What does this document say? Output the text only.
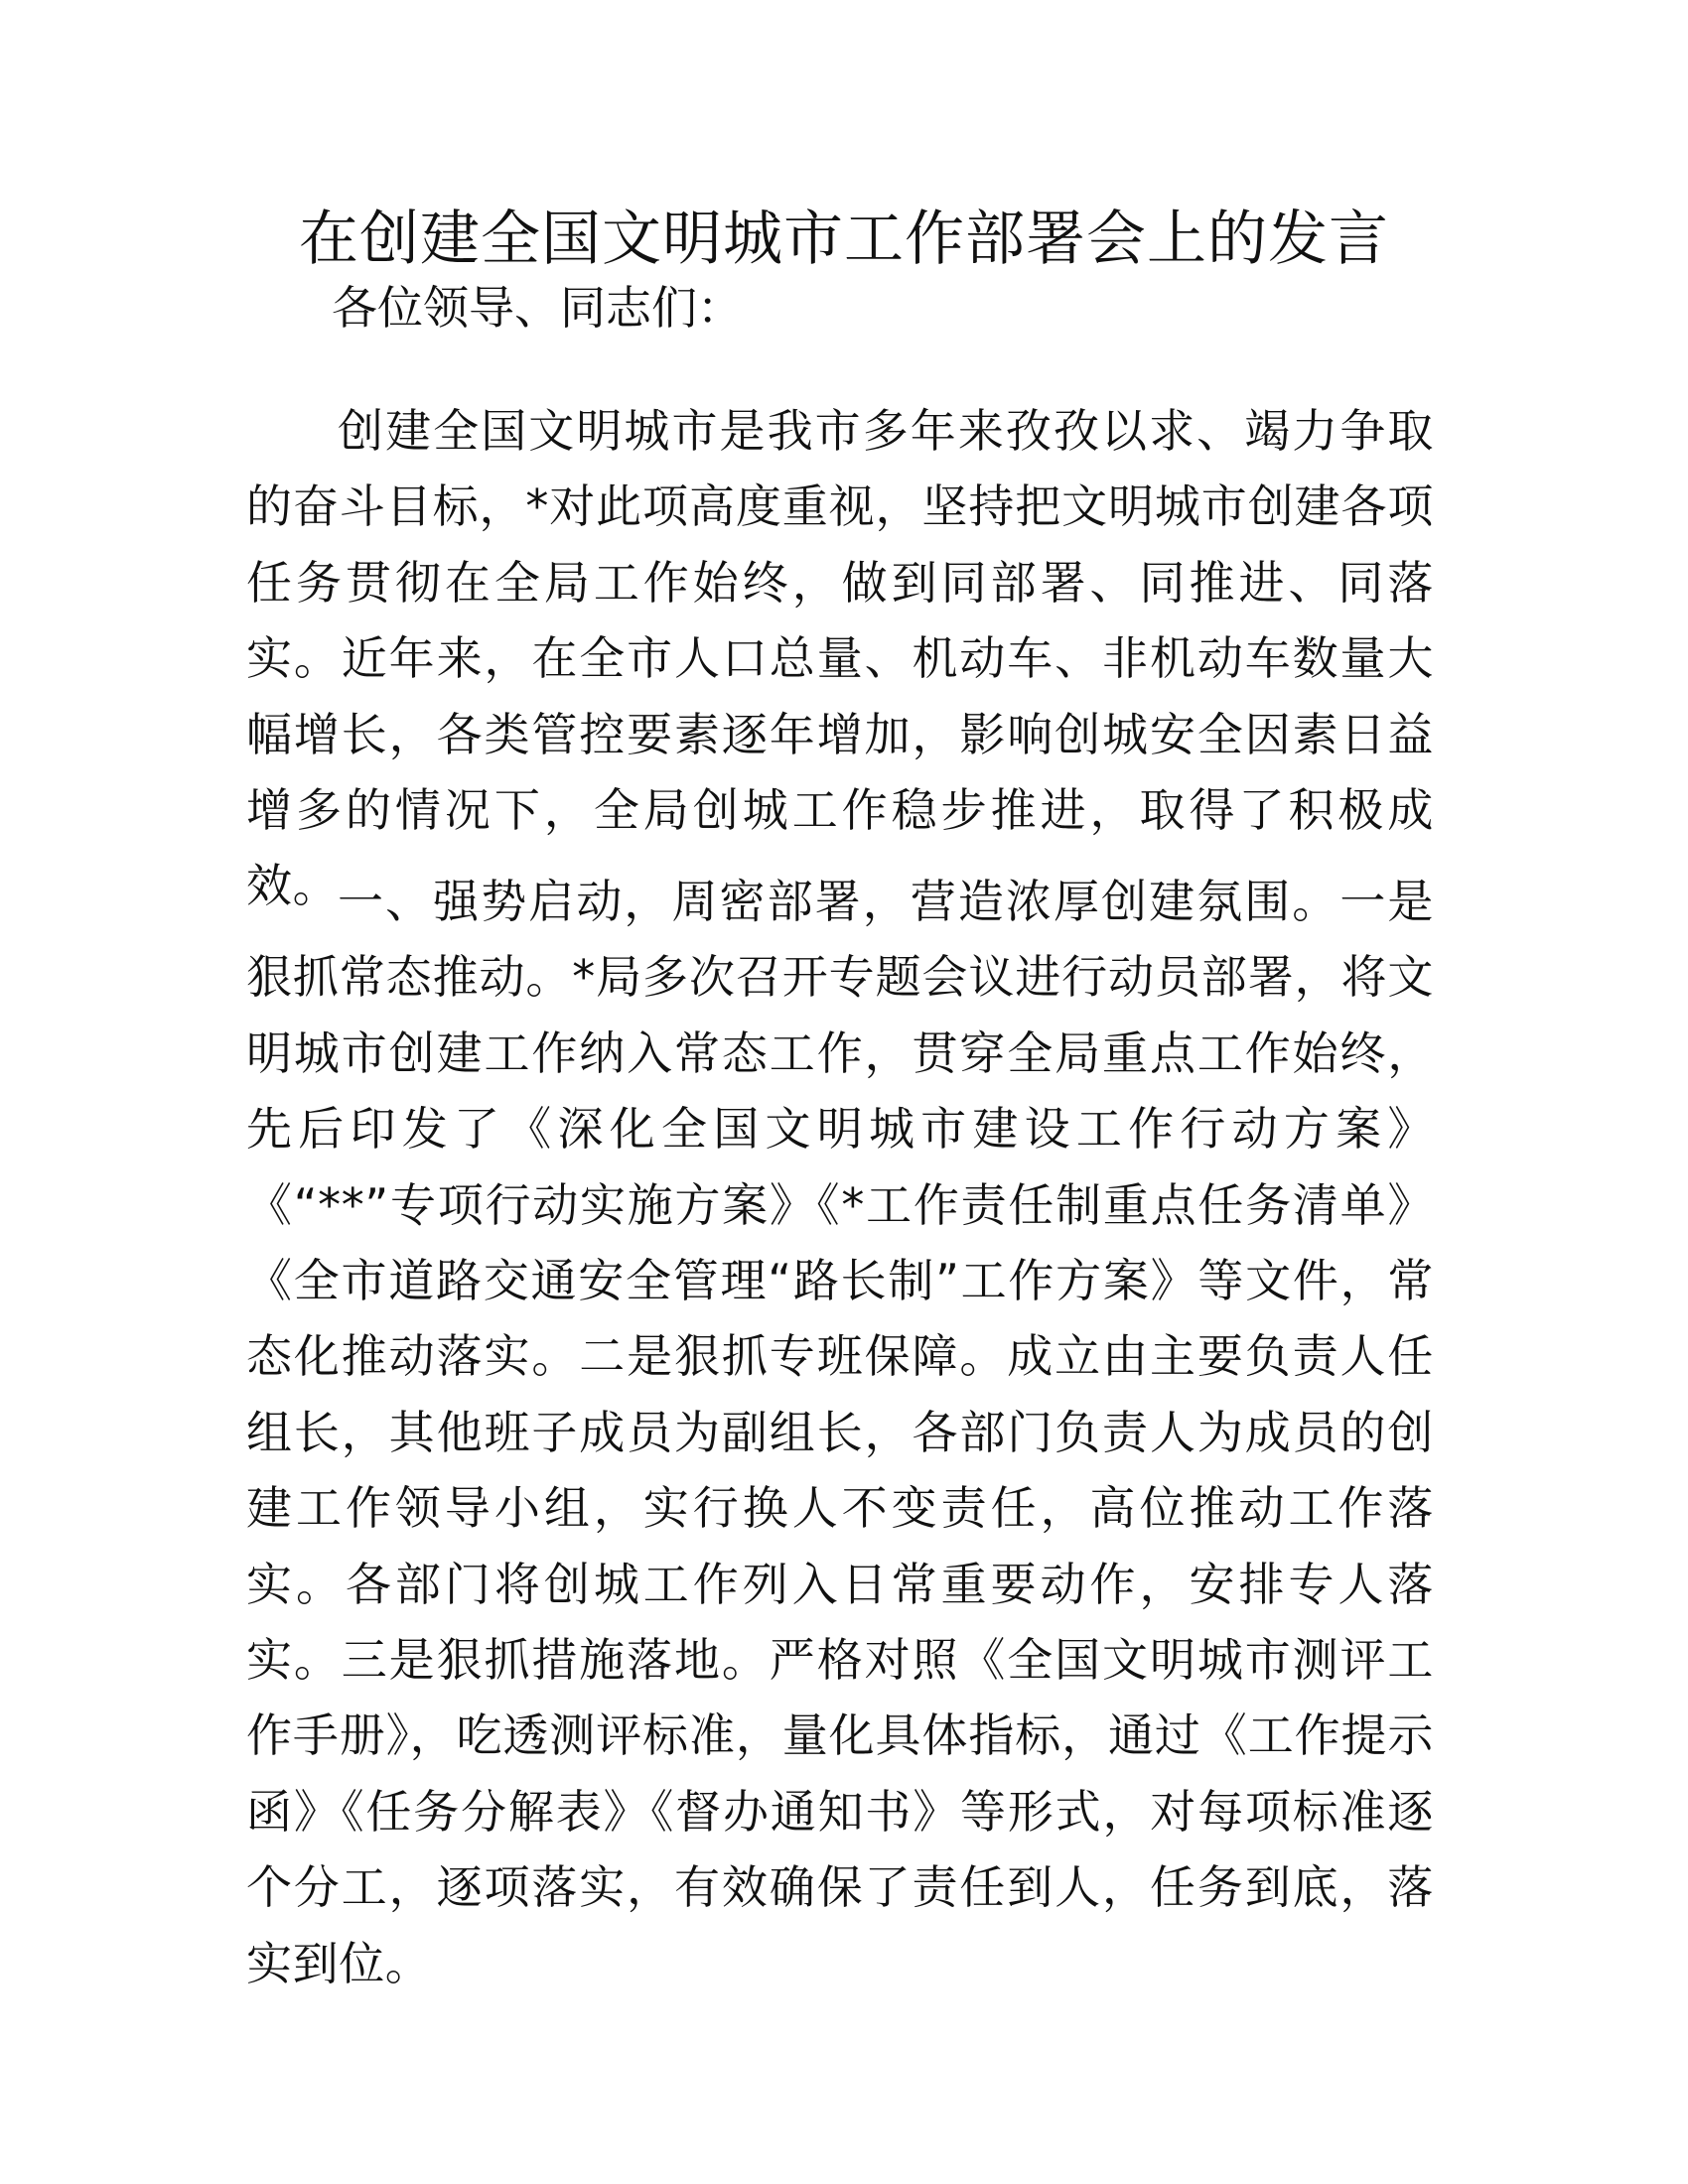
在创建全国文明城市工作部署会上的发言

各位领导、同志们：

创建全国文明城市是我市多年来孜孜以求、竭力争取的奋斗目标，*对此项高度重视，坚持把文明城市创建各项任务贯彻在全局工作始终，做到同部署、同推进、同落实。近年来，在全市人口总量、机动车、非机动车数量大幅增长，各类管控要素逐年增加，影响创城安全因素日益增多的情况下，全局创城工作稳步推进，取得了积极成效。

一、强势启动，周密部署，营造浓厚创建氛围。一是狠抓常态推动。*局多次召开专题会议进行动员部署，将文明城市创建工作纳入常态工作，贯穿全局重点工作始终，先后印发了《深化全国文明城市建设工作行动方案》《“**”专项行动实施方案》《*工作责任制重点任务清单》《全市道路交通安全管理“路长制”工作方案》等文件，常态化推动落实。二是狠抓专班保障。成立由主要负责人任组长，其他班子成员为副组长，各部门负责人为成员的创建工作领导小组，实行换人不变责任，高位推动工作落实。各部门将创城工作列入日常重要动作，安排专人落实。三是狠抓措施落地。严格对照《全国文明城市测评工作手册》，吃透测评标准，量化具体指标，通过《工作提示函》《任务分解表》《督办通知书》等形式，对每项标准逐个分工，逐项落实，有效确保了责任到人，任务到底，落实到位。
